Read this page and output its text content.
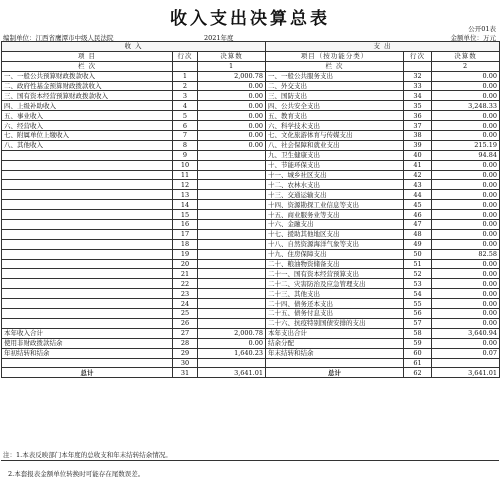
收入支出决算总表	公开01表
编制单位：江西省鹰潭市中级人民法院	2021年度	金额单位：万元
收 入			支 出		
项 目	行次	决算数	项目（按功能分类）	行次	决算数
栏 次		1	栏 次		2
一、一般公共预算财政拨款收入	1	2,000.78	一、一般公共服务支出	32	0.00
二、政府性基金预算财政拨款收入	2	0.00	二、外交支出	33	0.00
三、国有资本经营预算财政拨款收入	3	0.00	三、国防支出	34	0.00
四、上级补助收入	4	0.00	四、公共安全支出	35	3,248.33
五、事业收入	5	0.00	五、教育支出	36	0.00
六、经营收入	6	0.00	六、科学技术支出	37	0.00
七、附属单位上缴收入	7	0.00	七、文化旅游体育与传媒支出	38	0.00
八、其他收入	8	0.00	八、社会保障和就业支出	39	215.19
	9		九、卫生健康支出	40	94.84
	10		十、节能环保支出	41	0.00
	11		十一、城乡社区支出	42	0.00
	12		十二、农林水支出	43	0.00
	13		十三、交通运输支出	44	0.00
	14		十四、资源勘探工业信息等支出	45	0.00
	15		十五、商业服务业等支出	46	0.00
	16		十六、金融支出	47	0.00
	17		十七、援助其他地区支出	48	0.00
	18		十八、自然资源海洋气象等支出	49	0.00
	19		十九、住房保障支出	50	82.58
	20		二十、粮油物资储备支出	51	0.00
	21		二十一、国有资本经营预算支出	52	0.00
	22		二十二、灾害防治及应急管理支出	53	0.00
	23		二十三、其他支出	54	0.00
	24		二十四、债务还本支出	55	0.00
	25		二十五、债务付息支出	56	0.00
	26		二十六、抗疫特别国债安排的支出	57	0.00
本年收入合计	27	2,000.78	本年支出合计	58	3,640.94
使用非财政拨款结余	28	0.00	结余分配	59	0.00
年初结转和结余	29	1,640.23	年末结转和结余	60	0.07
	30			61	
总计	31	3,641.01	总计	62	3,641.01
注：1.本表反映部门本年度的总收支和年末结转结余情况。
2.本套报表金额单位转换时可能存在尾数误差。
